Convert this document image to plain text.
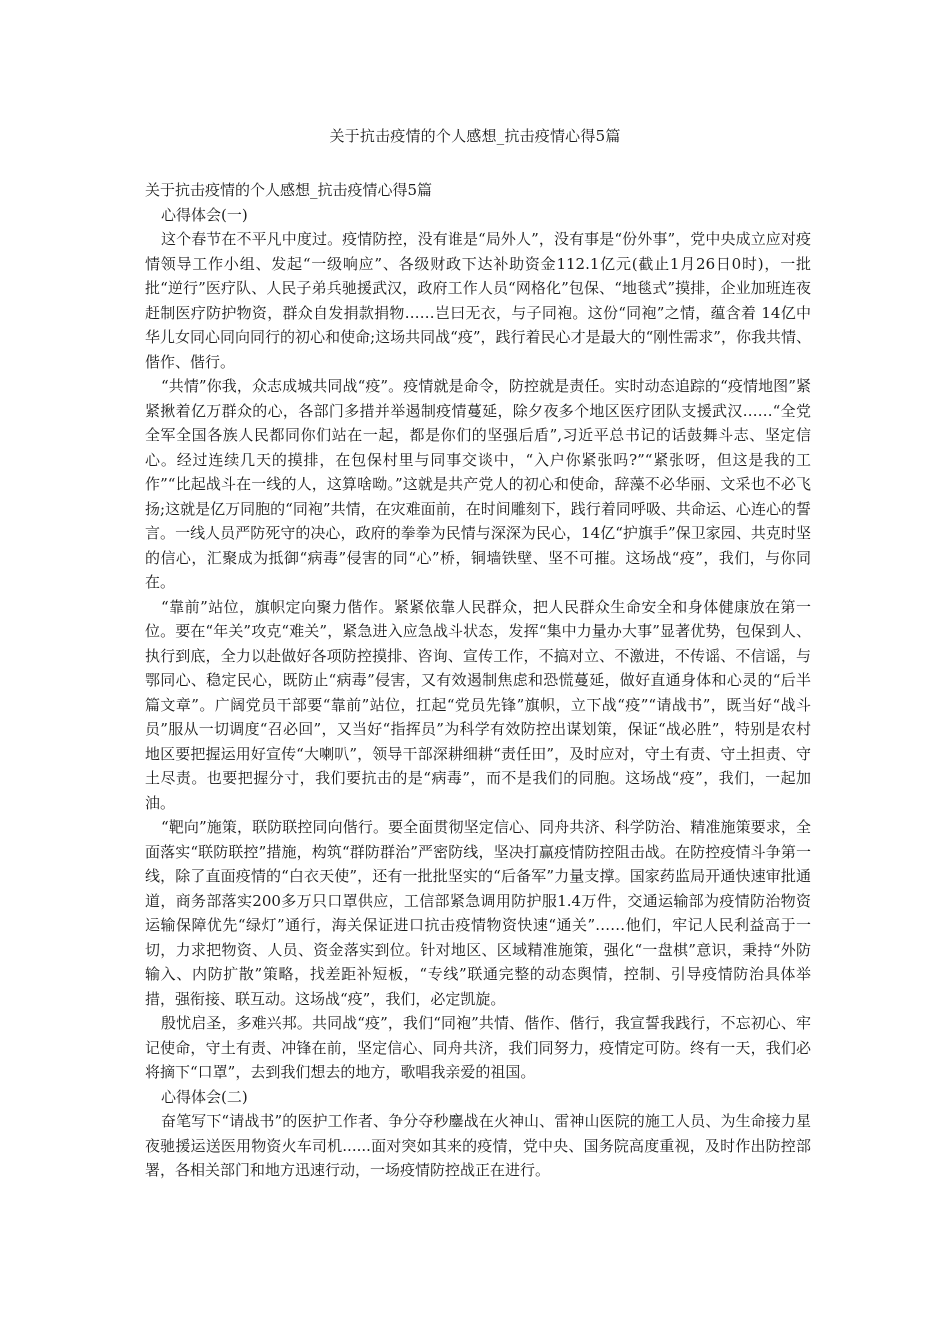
关于抗击疫情的个人感想_抗击疫情心得5篇

关于抗击疫情的个人感想_抗击疫情心得5篇

心得体会(一)

这个春节在不平凡中度过。疫情防控，没有谁是“局外人”，没有事是“份外事”，党中央成立应对疫情领导工作小组、发起“一级响应”、各级财政下达补助资金112.1亿元(截止1月26日0时)，一批批“逆行”医疗队、人民子弟兵驰援武汉，政府工作人员“网格化”包保、“地毯式”摸排，企业加班连夜赶制医疗防护物资，群众自发捐款捐物……岂曰无衣，与子同袍。这份“同袍”之情，蕴含着 14亿中华儿女同心同向同行的初心和使命;这场共同战“疫”，践行着民心才是最大的“刚性需求”，你我共情、偕作、偕行。

“共情”你我，众志成城共同战“疫”。疫情就是命令，防控就是责任。实时动态追踪的“疫情地图”紧紧揪着亿万群众的心，各部门多措并举遏制疫情蔓延，除夕夜多个地区医疗团队支援武汉……“全党全军全国各族人民都同你们站在一起，都是你们的坚强后盾”,习近平总书记的话鼓舞斗志、坚定信心。经过连续几天的摸排，在包保村里与同事交谈中，“入户你紧张吗?”“紧张呀，但这是我的工作”“比起战斗在一线的人，这算啥呦。”这就是共产党人的初心和使命，辞藻不必华丽、文采也不必飞扬;这就是亿万同胞的“同袍”共情，在灾难面前，在时间雕刻下，践行着同呼吸、共命运、心连心的誓言。一线人员严防死守的决心，政府的拳拳为民情与深深为民心，14亿“护旗手”保卫家园、共克时坚的信心，汇聚成为抵御“病毒”侵害的同“心”桥，铜墙铁壁、坚不可摧。这场战“疫”，我们，与你同在。

“靠前”站位，旗帜定向聚力偕作。紧紧依靠人民群众，把人民群众生命安全和身体健康放在第一位。要在“年关”攻克“难关”，紧急进入应急战斗状态，发挥“集中力量办大事”显著优势，包保到人、执行到底，全力以赴做好各项防控摸排、咨询、宣传工作，不搞对立、不激进，不传谣、不信谣，与鄂同心、稳定民心，既防止“病毒”侵害，又有效遏制焦虑和恐慌蔓延，做好直通身体和心灵的“后半篇文章”。广阔党员干部要“靠前”站位，扛起“党员先锋”旗帜，立下战“疫”“请战书”，既当好“战斗员”服从一切调度“召必回”，又当好“指挥员”为科学有效防控出谋划策，保证“战必胜”，特别是农村地区要把握运用好宣传“大喇叭”，领导干部深耕细耕“责任田”，及时应对，守土有责、守土担责、守土尽责。也要把握分寸，我们要抗击的是“病毒”，而不是我们的同胞。这场战“疫”，我们，一起加油。

“靶向”施策，联防联控同向偕行。要全面贯彻坚定信心、同舟共济、科学防治、精准施策要求，全面落实“联防联控”措施，构筑“群防群治”严密防线，坚决打赢疫情防控阻击战。在防控疫情斗争第一线，除了直面疫情的“白衣天使”，还有一批批坚实的“后备军”力量支撑。国家药监局开通快速审批通道，商务部落实200多万只口罩供应，工信部紧急调用防护服1.4万件，交通运输部为疫情防治物资运输保障优先“绿灯”通行，海关保证进口抗击疫情物资快速“通关”……他们，牢记人民利益高于一切，力求把物资、人员、资金落实到位。针对地区、区域精准施策，强化“一盘棋”意识，秉持“外防输入、内防扩散”策略，找差距补短板，“专线”联通完整的动态舆情，控制、引导疫情防治具体举措，强衔接、联互动。这场战“疫”，我们，必定凯旋。

殷忧启圣，多难兴邦。共同战“疫”，我们“同袍”共情、偕作、偕行，我宣誓我践行，不忘初心、牢记使命，守土有责、冲锋在前，坚定信心、同舟共济，我们同努力，疫情定可防。终有一天，我们必将摘下“口罩”，去到我们想去的地方，歌唱我亲爱的祖国。

心得体会(二)

奋笔写下“请战书”的医护工作者、争分夺秒鏖战在火神山、雷神山医院的施工人员、为生命接力星夜驰援运送医用物资火车司机......面对突如其来的疫情，党中央、国务院高度重视，及时作出防控部署，各相关部门和地方迅速行动，一场疫情防控战正在进行。
